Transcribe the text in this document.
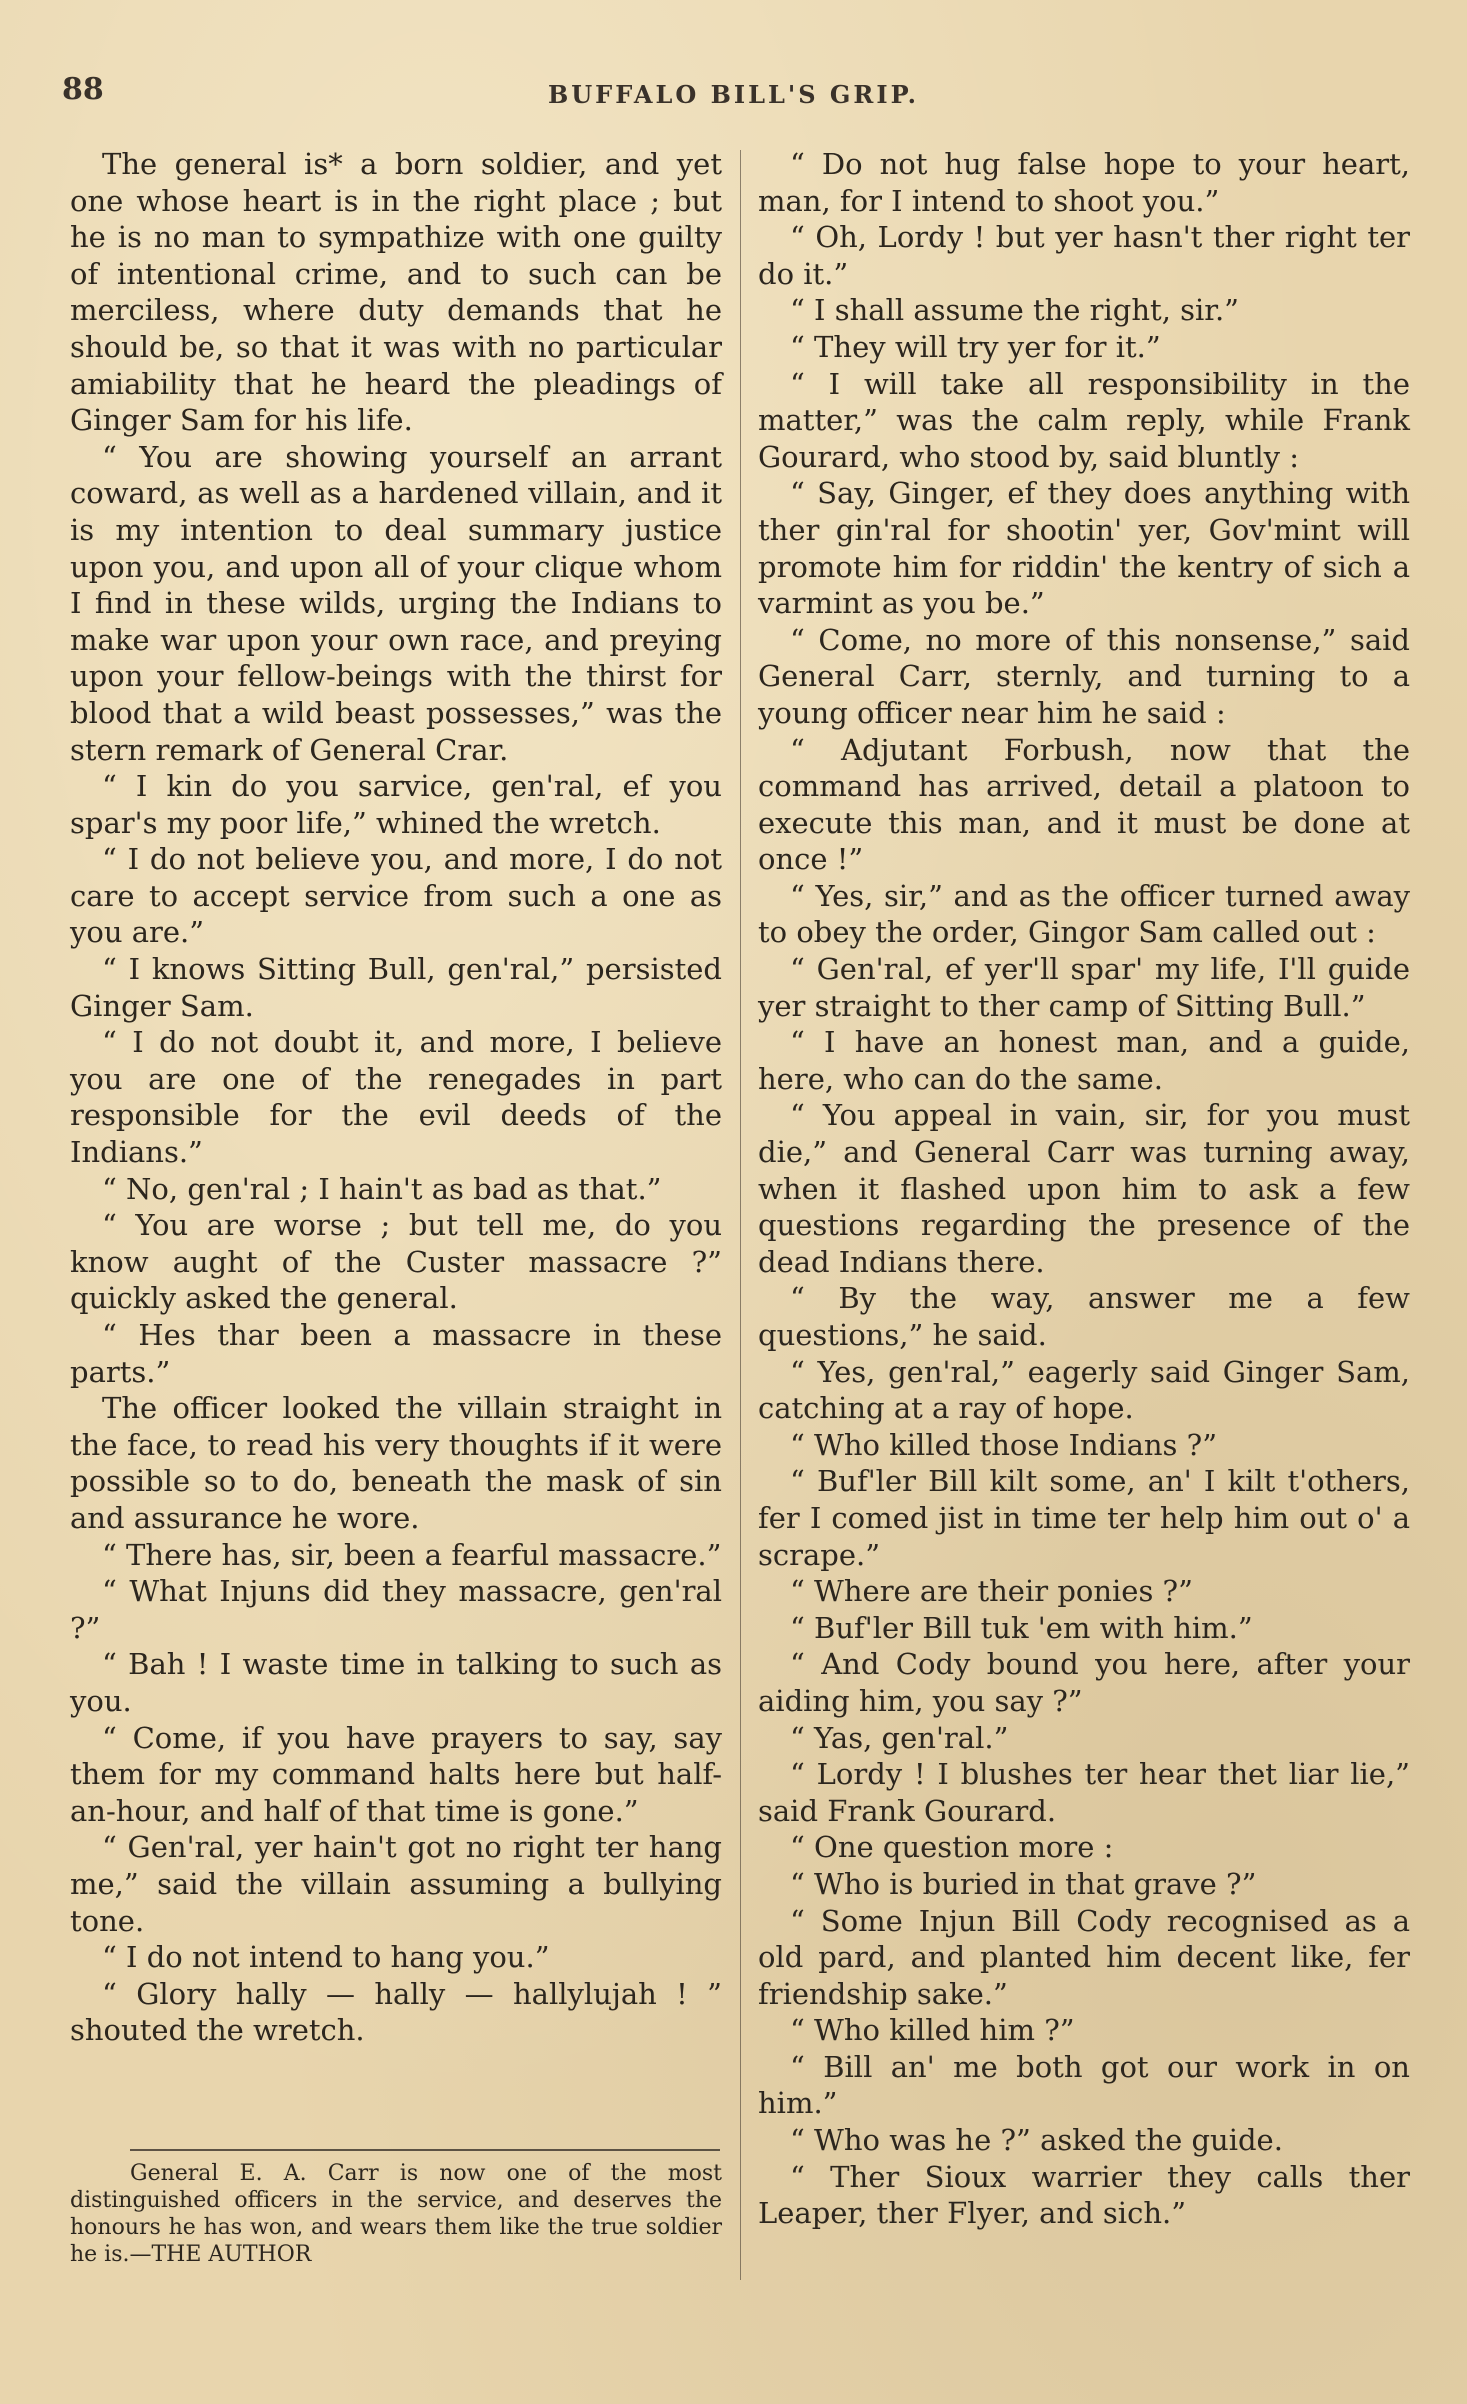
88	BUFFALO BILL'S GRIP.

The general is* a born soldier, and yet one whose heart is in the right place ; but he is no man to sympathize with one guilty of intentional crime, and to such can be merciless, where duty demands that he should be, so that it was with no particular amiability that he heard the pleadings of Ginger Sam for his life.

“ You are showing yourself an arrant coward, as well as a hardened villain, and it is my intention to deal summary justice upon you, and upon all of your clique whom I find in these wilds, urging the Indians to make war upon your own race, and preying upon your fellow-beings with the thirst for blood that a wild beast possesses,” was the stern remark of General Crar.

“ I kin do you sarvice, gen'ral, ef you spar's my poor life,” whined the wretch.

“ I do not believe you, and more, I do not care to accept service from such a one as you are.”

“ I knows Sitting Bull, gen'ral,” persisted Ginger Sam.

“ I do not doubt it, and more, I believe you are one of the renegades in part responsible for the evil deeds of the Indians.”

“ No, gen'ral ; I hain't as bad as that.”

“ You are worse ; but tell me, do you know aught of the Custer massacre ?” quickly asked the general.

“ Hes thar been a massacre in these parts.”

The officer looked the villain straight in the face, to read his very thoughts if it were possible so to do, beneath the mask of sin and assurance he wore.

“ There has, sir, been a fearful massacre.”

“ What Injuns did they massacre, gen'ral ?”

“ Bah ! I waste time in talking to such as you.

“ Come, if you have prayers to say, say them for my command halts here but half-an-hour, and half of that time is gone.”

“ Gen'ral, yer hain't got no right ter hang me,” said the villain assuming a bullying tone.

“ I do not intend to hang you.”

“ Glory hally — hally — hallylujah ! ” shouted the wretch.

General E. A. Carr is now one of the most distinguished officers in the service, and deserves the honours he has won, and wears them like the true soldier he is.—THE AUTHOR

“ Do not hug false hope to your heart, man, for I intend to shoot you.”

“ Oh, Lordy ! but yer hasn't ther right ter do it.”

“ I shall assume the right, sir.”

“ They will try yer for it.”

“ I will take all responsibility in the matter,” was the calm reply, while Frank Gourard, who stood by, said bluntly :

“ Say, Ginger, ef they does anything with ther gin'ral for shootin' yer, Gov'mint will promote him for riddin' the kentry of sich a varmint as you be.”

“ Come, no more of this nonsense,” said General Carr, sternly, and turning to a young officer near him he said :

“ Adjutant Forbush, now that the command has arrived, detail a platoon to execute this man, and it must be done at once !”

“ Yes, sir,” and as the officer turned away to obey the order, Gingor Sam called out :

“ Gen'ral, ef yer'll spar' my life, I'll guide yer straight to ther camp of Sitting Bull.”

“ I have an honest man, and a guide, here, who can do the same.

“ You appeal in vain, sir, for you must die,” and General Carr was turning away, when it flashed upon him to ask a few questions regarding the presence of the dead Indians there.

“ By the way, answer me a few questions,” he said.

“ Yes, gen'ral,” eagerly said Ginger Sam, catching at a ray of hope.

“ Who killed those Indians ?”

“ Buf'ler Bill kilt some, an' I kilt t'others, fer I comed jist in time ter help him out o' a scrape.”

“ Where are their ponies ?”

“ Buf'ler Bill tuk 'em with him.”

“ And Cody bound you here, after your aiding him, you say ?”

“ Yas, gen'ral.”

“ Lordy ! I blushes ter hear thet liar lie,” said Frank Gourard.

“ One question more :

“ Who is buried in that grave ?”

“ Some Injun Bill Cody recognised as a old pard, and planted him decent like, fer friendship sake.”

“ Who killed him ?”

“ Bill an' me both got our work in on him.”

“ Who was he ?” asked the guide.

“ Ther Sioux warrier they calls ther Leaper, ther Flyer, and sich.”
